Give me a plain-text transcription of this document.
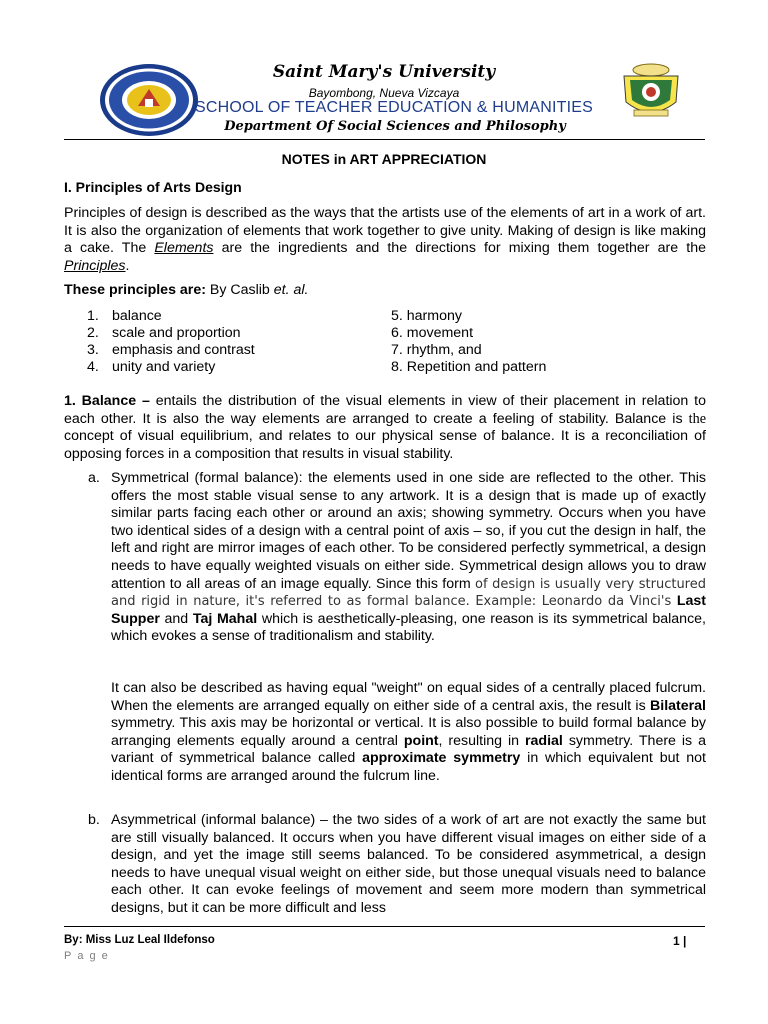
Saint Mary's University
Bayombong, Nueva Vizcaya
SCHOOL OF TEACHER EDUCATION & HUMANITIES
Department Of Social Sciences and Philosophy
NOTES in ART APPRECIATION
I. Principles of Arts Design
Principles of design is described as the ways that the artists use of the elements of art in a work of art. It is also the organization of elements that work together to give unity. Making of design is like making a cake. The Elements are the ingredients and the directions for mixing them together are the Principles.
These principles are: By Caslib et. al.
1. balance
2. scale and proportion
3. emphasis and contrast
4. unity and variety
5. harmony
6. movement
7. rhythm, and
8. Repetition and pattern
1. Balance – entails the distribution of the visual elements in view of their placement in relation to each other. It is also the way elements are arranged to create a feeling of stability. Balance is the concept of visual equilibrium, and relates to our physical sense of balance. It is a reconciliation of opposing forces in a composition that results in visual stability.
a. Symmetrical (formal balance): the elements used in one side are reflected to the other. This offers the most stable visual sense to any artwork. It is a design that is made up of exactly similar parts facing each other or around an axis; showing symmetry. Occurs when you have two identical sides of a design with a central point of axis – so, if you cut the design in half, the left and right are mirror images of each other. To be considered perfectly symmetrical, a design needs to have equally weighted visuals on either side. Symmetrical design allows you to draw attention to all areas of an image equally. Since this form of design is usually very structured and rigid in nature, it's referred to as formal balance. Example: Leonardo da Vinci's Last Supper and Taj Mahal which is aesthetically-pleasing, one reason is its symmetrical balance, which evokes a sense of traditionalism and stability.
It can also be described as having equal "weight" on equal sides of a centrally placed fulcrum. When the elements are arranged equally on either side of a central axis, the result is Bilateral symmetry. This axis may be horizontal or vertical. It is also possible to build formal balance by arranging elements equally around a central point, resulting in radial symmetry. There is a variant of symmetrical balance called approximate symmetry in which equivalent but not identical forms are arranged around the fulcrum line.
b. Asymmetrical (informal balance) – the two sides of a work of art are not exactly the same but are still visually balanced. It occurs when you have different visual images on either side of a design, and yet the image still seems balanced. To be considered asymmetrical, a design needs to have unequal visual weight on either side, but those unequal visuals need to balance each other. It can evoke feelings of movement and seem more modern than symmetrical designs, but it can be more difficult and less
By: Miss Luz Leal Ildefonso	1 |
Page
